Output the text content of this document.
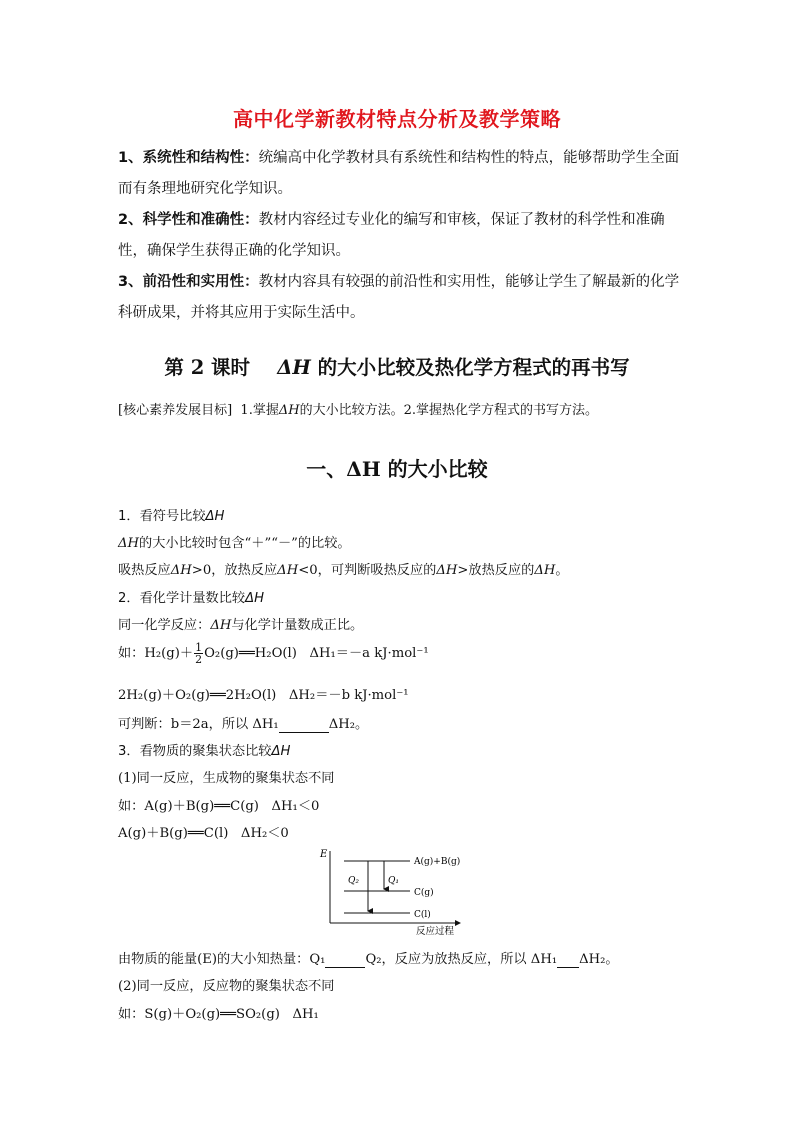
高中化学新教材特点分析及教学策略

1、系统性和结构性：统编高中化学教材具有系统性和结构性的特点，能够帮助学生全面而有条理地研究化学知识。

2、科学性和准确性：教材内容经过专业化的编写和审核，保证了教材的科学性和准确性，确保学生获得正确的化学知识。

3、前沿性和实用性：教材内容具有较强的前沿性和实用性，能够让学生了解最新的化学科研成果，并将其应用于实际生活中。

第 2 课时 ΔH 的大小比较及热化学方程式的再书写
[核心素养发展目标] 1.掌握ΔH的大小比较方法。2.掌握热化学方程式的书写方法。
一、ΔH 的大小比较
1．看符号比较ΔH
ΔH的大小比较时包含“＋”“－”的比较。
吸热反应ΔH>0，放热反应ΔH<0，可判断吸热反应的ΔH>放热反应的ΔH。
2．看化学计量数比较ΔH
同一化学反应：ΔH与化学计量数成正比。
如：$H_2(g)+ \frac{1}{2}$ O₂(g)══H₂O(l) ΔH₁＝－a kJ·mol⁻¹
2H₂(g)＋O₂(g)══2H₂O(l) ΔH₂＝－b kJ·mol⁻¹
可判断：b＝2a，所以 ΔH₁	ΔH₂。
3．看物质的聚集状态比较ΔH
(1)同一反应，生成物的聚集状态不同
如：A(g)＋B(g)══C(g) ΔH₁＜0
A(g)＋B(g)══C(l) ΔH₂＜0
E
Q₂	Q₁
A(g)+B(g)
C(g)
C(l)
反应过程
由物质的能量(E)的大小知热量：Q₁	Q₂，反应为放热反应，所以 ΔH₁ ΔH₂。
(2)同一反应，反应物的聚集状态不同
如：S(g)＋O₂(g)══SO₂(g) ΔH₁
